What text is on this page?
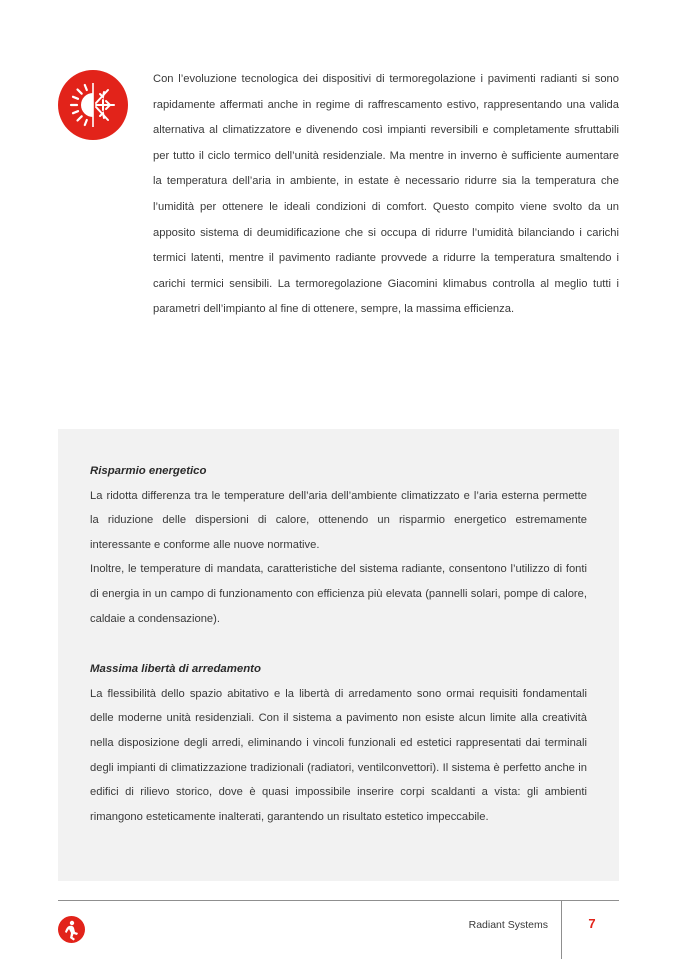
Con l’evoluzione tecnologica dei dispositivi di termoregolazione i pavimenti radianti si sono rapidamente affermati anche in regime di raffrescamento estivo, rappresentando una valida alternativa al climatizzatore e divenendo così impianti reversibili e completamente sfruttabili per tutto il ciclo termico dell’unità residenziale. Ma mentre in inverno è sufficiente aumentare la temperatura dell’aria in ambiente, in estate è necessario ridurre sia la temperatura che l’umidità per ottenere le ideali condizioni di comfort. Questo compito viene svolto da un apposito sistema di deumidificazione che si occupa di ridurre l’umidità bilanciando i carichi termici latenti, mentre il pavimento radiante provvede a ridurre la temperatura smaltendo i carichi termici sensibili. La termoregolazione Giacomini klimabus controlla al meglio tutti i parametri dell’impianto al fine di ottenere, sempre, la massima efficienza.

Risparmio energetico

La ridotta differenza tra le temperature dell’aria dell’ambiente climatizzato e l’aria esterna permette la riduzione delle dispersioni di calore, ottenendo un risparmio energetico estremamente interessante e conforme alle nuove normative.

Inoltre, le temperature di mandata, caratteristiche del sistema radiante, consentono l’utilizzo di fonti di energia in un campo di funzionamento con efficienza più elevata (pannelli solari, pompe di calore, caldaie a condensazione).

Massima libertà di arredamento

La flessibilità dello spazio abitativo e la libertà di arredamento sono ormai requisiti fondamentali delle moderne unità residenziali. Con il sistema a pavimento non esiste alcun limite alla creatività nella disposizione degli arredi, eliminando i vincoli funzionali ed estetici rappresentati dai terminali degli impianti di climatizzazione tradizionali (radiatori, ventilconvettori). Il sistema è perfetto anche in edifici di rilievo storico, dove è quasi impossibile inserire corpi scaldanti a vista: gli ambienti rimangono esteticamente inalterati, garantendo un risultato estetico impeccabile.

Radiant Systems	7
